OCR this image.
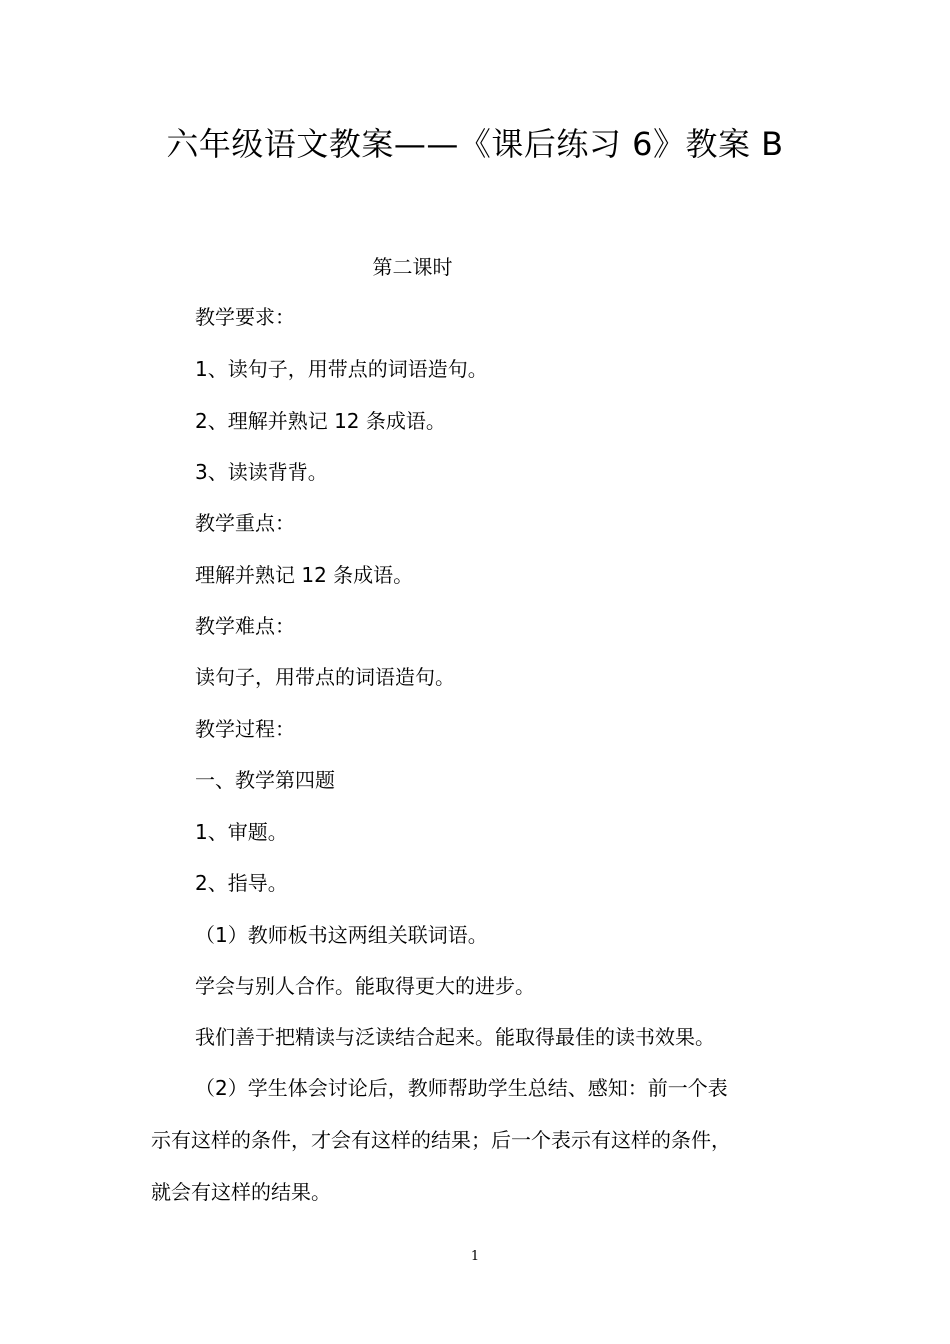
六年级语文教案——《课后练习 6》教案 B
第二课时
教学要求：
1、读句子，用带点的词语造句。
2、理解并熟记 12 条成语。
3、读读背背。
教学重点：
理解并熟记 12 条成语。
教学难点：
读句子，用带点的词语造句。
教学过程：
一、教学第四题
1、审题。
2、指导。
（1）教师板书这两组关联词语。
学会与别人合作。能取得更大的进步。
我们善于把精读与泛读结合起来。能取得最佳的读书效果。
（2）学生体会讨论后，教师帮助学生总结、感知：前一个表
示有这样的条件，才会有这样的结果；后一个表示有这样的条件，
就会有这样的结果。
1
